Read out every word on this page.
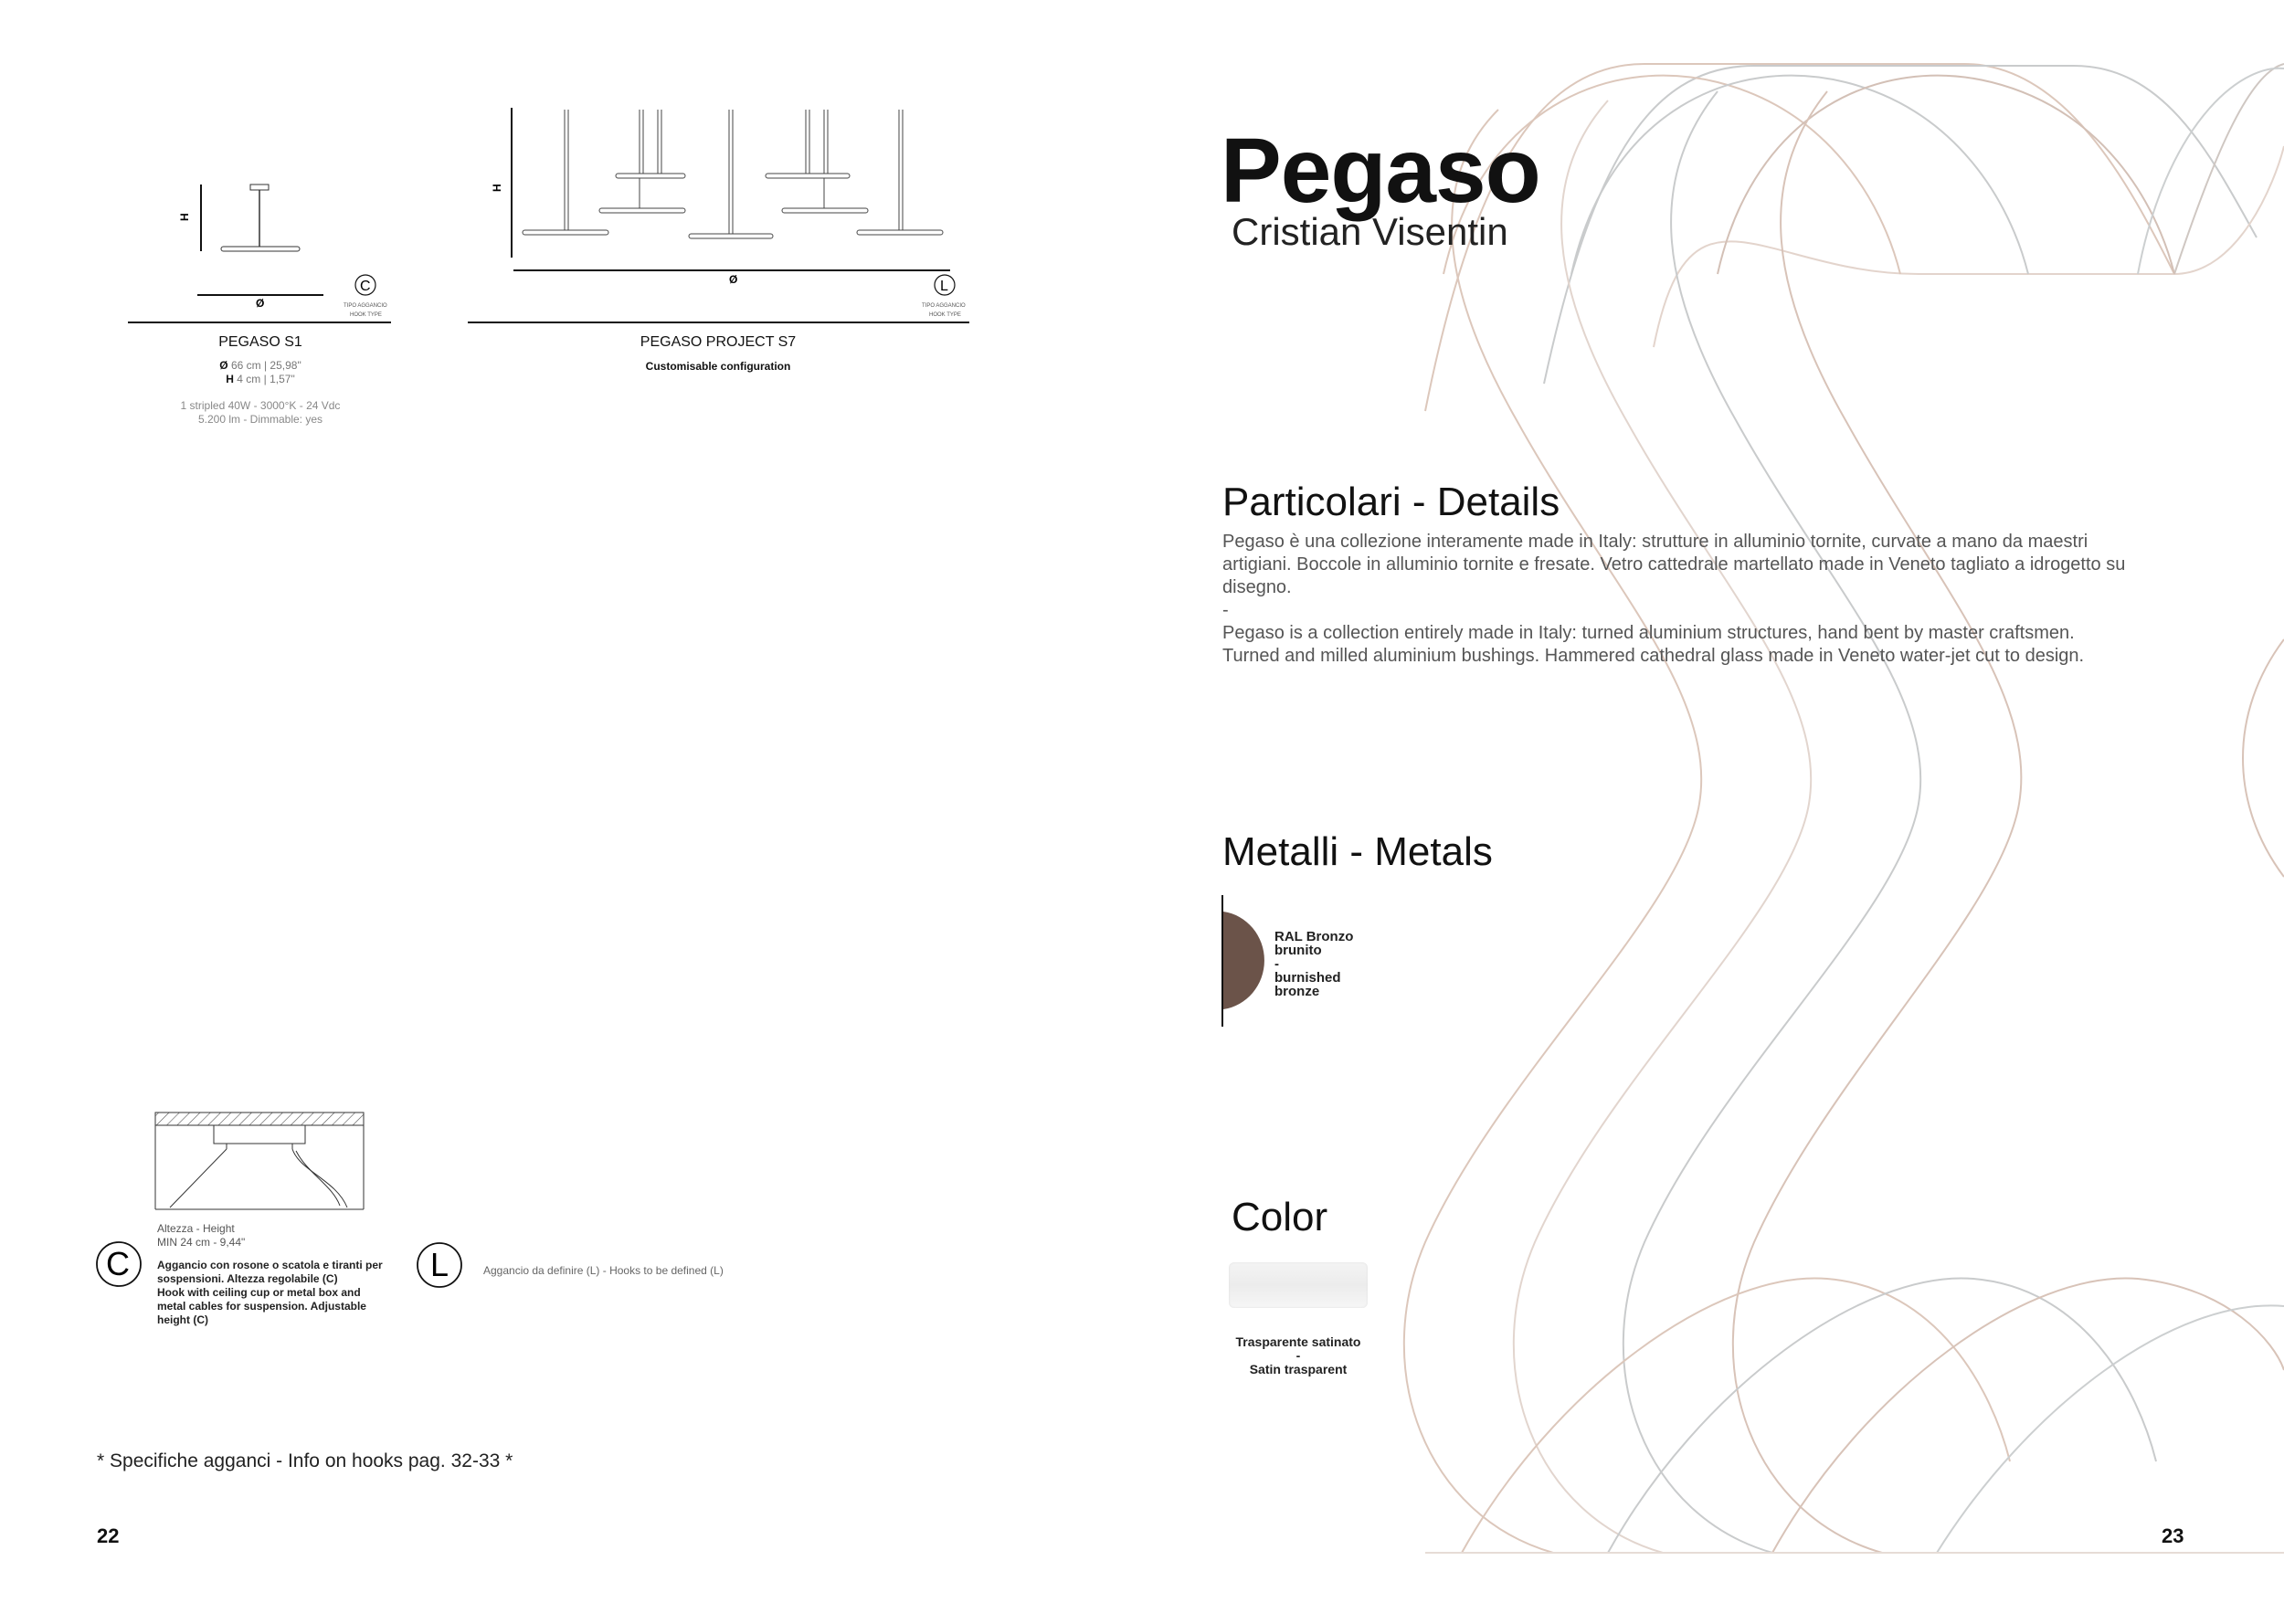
H
Ø
C
TIPO AGGANCIO
HOOK TYPE
PEGASO S1
Ø 66 cm | 25,98"
H 4 cm | 1,57"
1 stripled 40W - 3000°K - 24 Vdc
5.200 lm - Dimmable: yes
H
Ø	L
TIPO AGGANCIO
HOOK TYPE
PEGASO PROJECT S7
Customisable configuration
Altezza - Height
MIN 24 cm - 9,44"
C	Aggancio con rosone o scatola e tiranti per
sospensioni. Altezza regolabile (C)
Hook with ceiling cup or metal box and
metal cables for suspension. Adjustable
height (C)
L	Aggancio da definire (L) - Hooks to be defined (L)
* Specifiche agganci - Info on hooks pag. 32-33 *
22
Pegaso
Cristian Visentin
Particolari - Details
Pegaso è una collezione interamente made in Italy: strutture in alluminio tornite, curvate a mano da maestri
artigiani. Boccole in alluminio tornite e fresate. Vetro cattedrale martellato made in Veneto tagliato a idrogetto su
disegno.
-
Pegaso is a collection entirely made in Italy: turned aluminium structures, hand bent by master craftsmen.
Turned and milled aluminium bushings. Hammered cathedral glass made in Veneto water-jet cut to design.
Metalli - Metals
RAL Bronzo
brunito
-
burnished
bronze
Color
Trasparente satinato
-
Satin trasparent
23
